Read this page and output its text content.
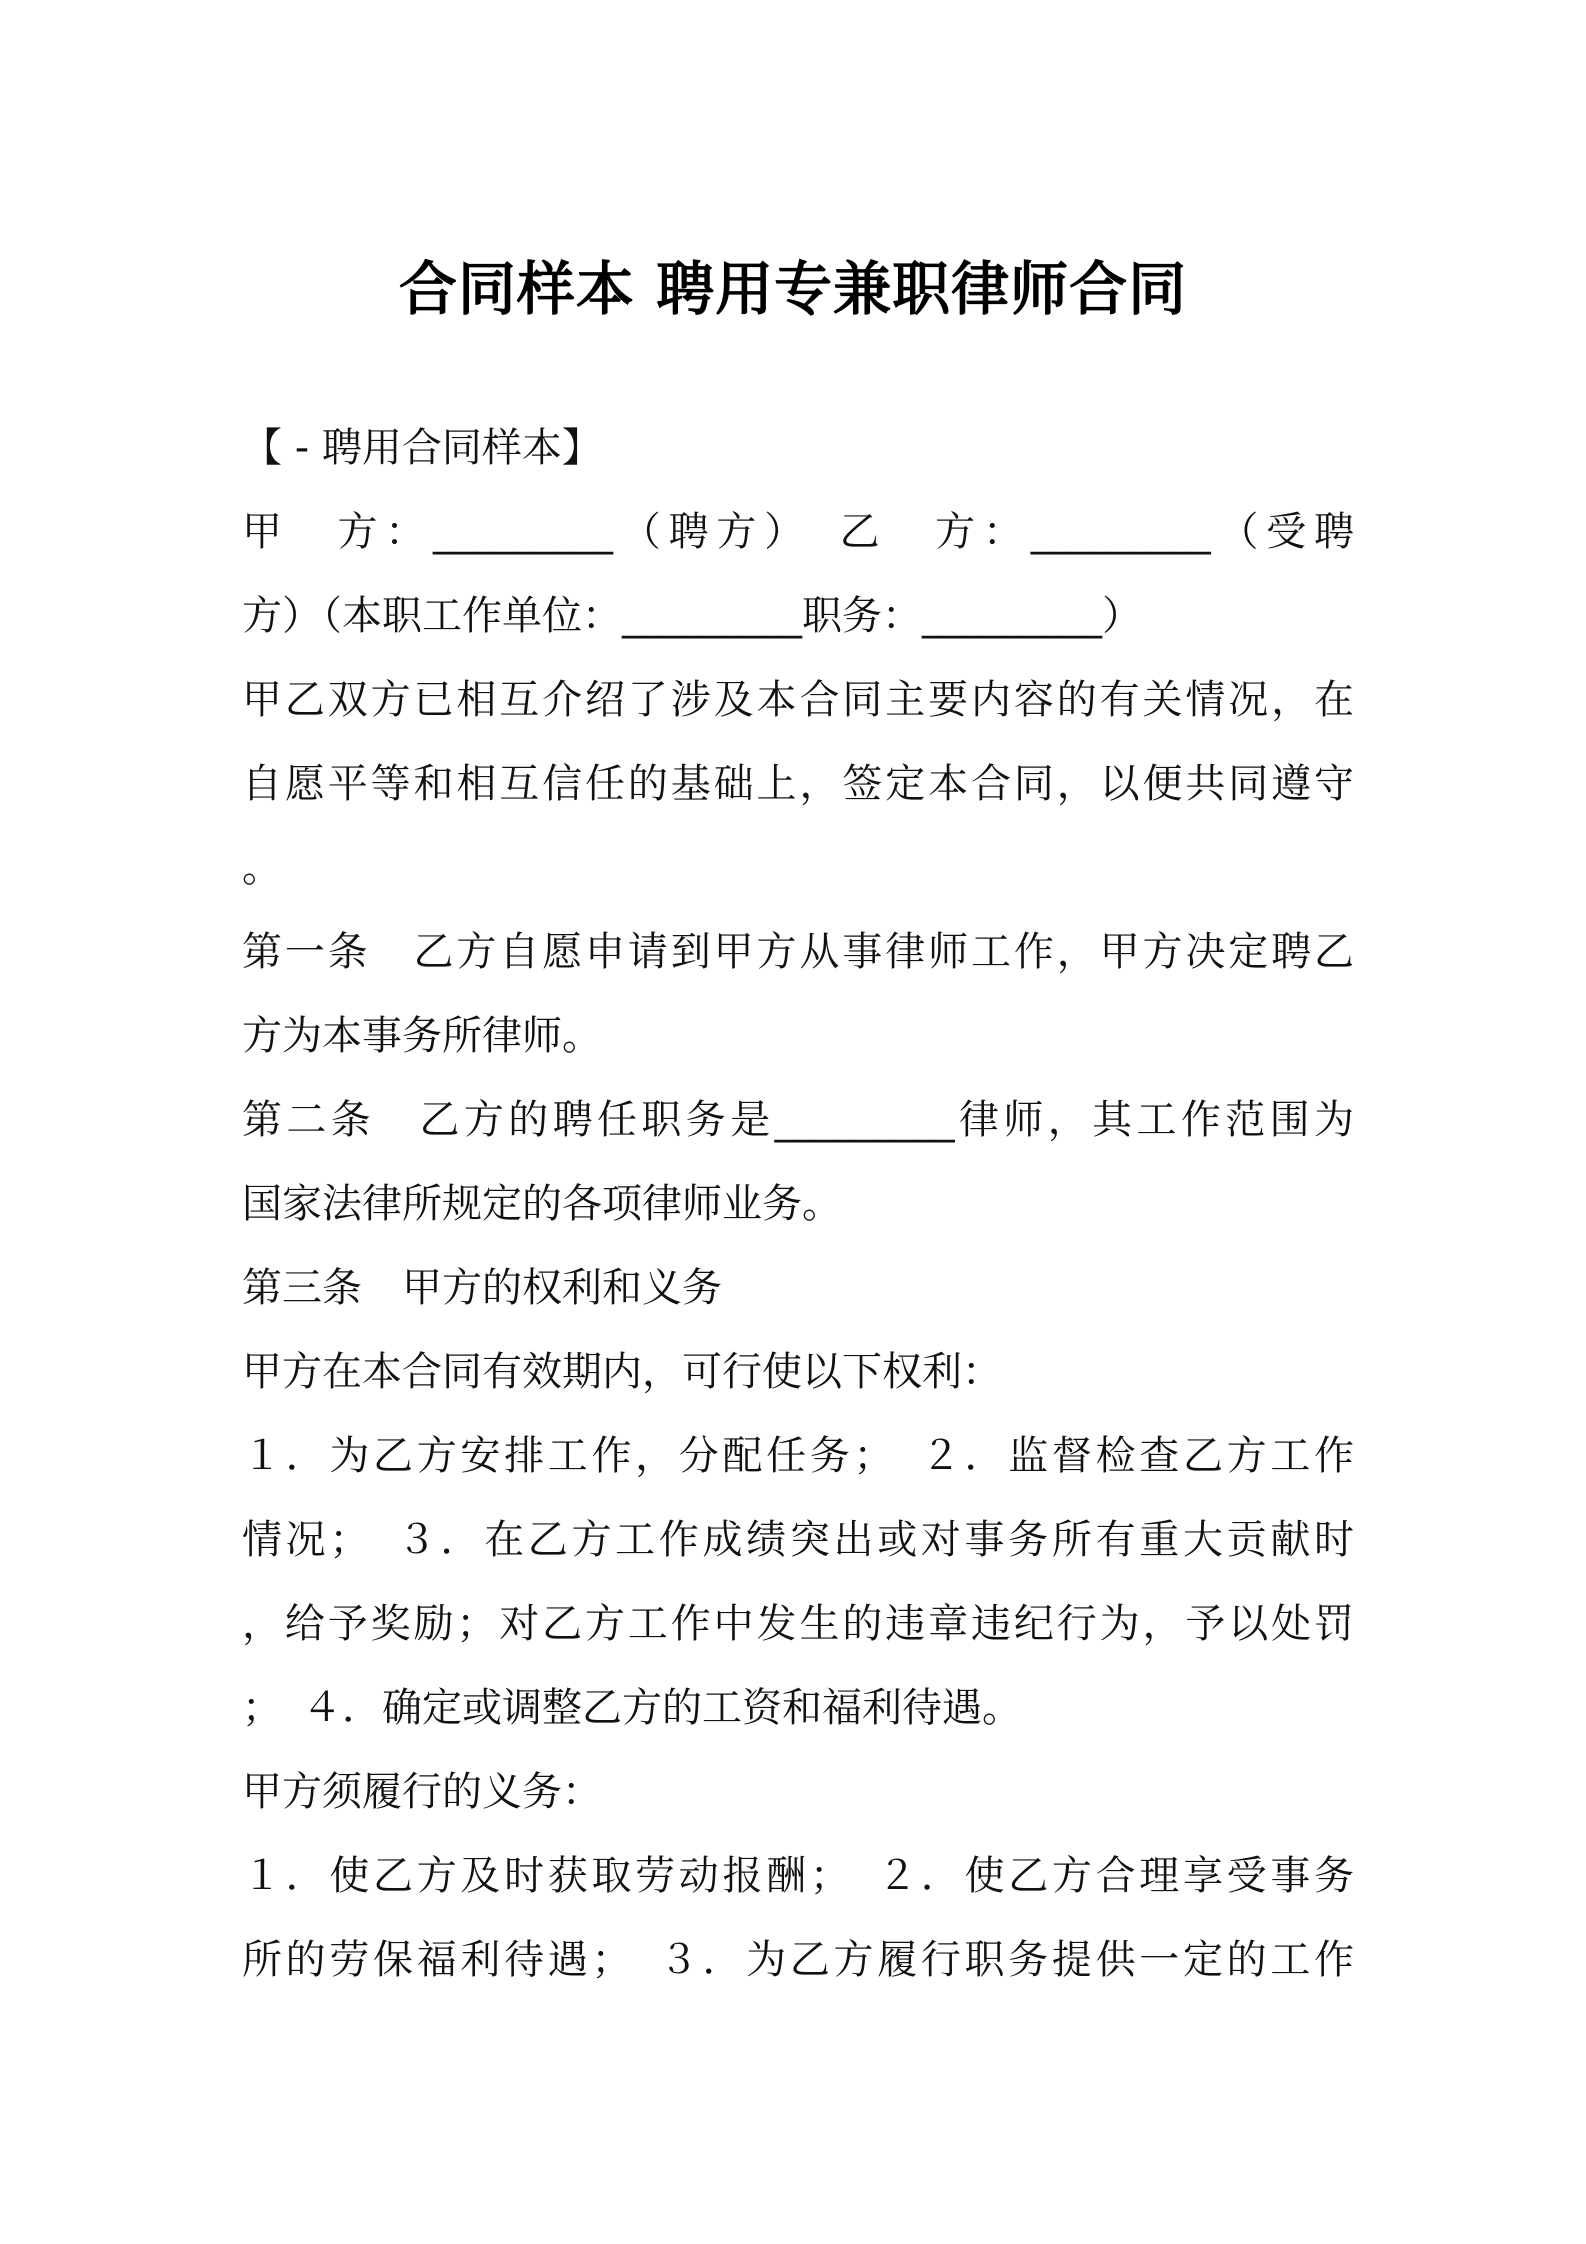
合同样本 聘用专兼职律师合同
【 - 聘用合同样本】
甲　方：_________（聘方）　乙　方：_________（受聘
方）（本职工作单位：_________职务：_________）
甲乙双方已相互介绍了涉及本合同主要内容的有关情况，在
自愿平等和相互信任的基础上，签定本合同，以便共同遵守
。
第一条　乙方自愿申请到甲方从事律师工作，甲方决定聘乙
方为本事务所律师。
第二条　乙方的聘任职务是_________律师，其工作范围为
国家法律所规定的各项律师业务。
第三条　甲方的权利和义务
甲方在本合同有效期内，可行使以下权利：
１．为乙方安排工作，分配任务；　２．监督检查乙方工作
情况；　３．在乙方工作成绩突出或对事务所有重大贡献时
，给予奖励；对乙方工作中发生的违章违纪行为，予以处罚
；　４．确定或调整乙方的工资和福利待遇。
甲方须履行的义务：
１．使乙方及时获取劳动报酬；　２．使乙方合理享受事务
所的劳保福利待遇；　３．为乙方履行职务提供一定的工作
